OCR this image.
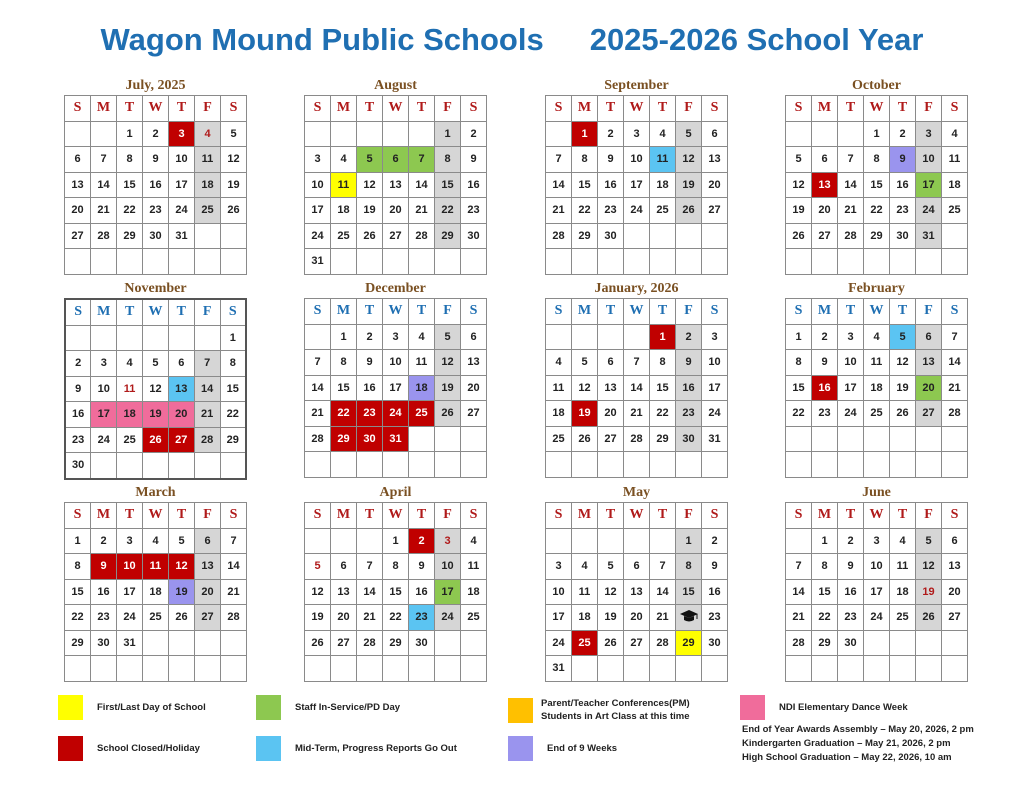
Wagon Mound Public Schools 2025-2026 School Year
July, 2025
S	M	T	W	T	F	S
		1	2	3	4	5
6	7	8	9	10	11	12
13	14	15	16	17	18	19
20	21	22	23	24	25	26
27	28	29	30	31		

August
S	M	T	W	T	F	S
					1	2
3	4	5	6	7	8	9
10	11	12	13	14	15	16
17	18	19	20	21	22	23
24	25	26	27	28	29	30
31						
September
S	M	T	W	T	F	S
	1	2	3	4	5	6
7	8	9	10	11	12	13
14	15	16	17	18	19	20
21	22	23	24	25	26	27
28	29	30				

October
S	M	T	W	T	F	S
			1	2	3	4
5	6	7	8	9	10	11
12	13	14	15	16	17	18
19	20	21	22	23	24	25
26	27	28	29	30	31	

November
S	M	T	W	T	F	S
						1
2	3	4	5	6	7	8
9	10	11	12	13	14	15
16	17	18	19	20	21	22
23	24	25	26	27	28	29
30						
December
S	M	T	W	T	F	S
	1	2	3	4	5	6
7	8	9	10	11	12	13
14	15	16	17	18	19	20
21	22	23	24	25	26	27
28	29	30	31			

January, 2026
S	M	T	W	T	F	S
				1	2	3
4	5	6	7	8	9	10
11	12	13	14	15	16	17
18	19	20	21	22	23	24
25	26	27	28	29	30	31

February
S	M	T	W	T	F	S
1	2	3	4	5	6	7
8	9	10	11	12	13	14
15	16	17	18	19	20	21
22	23	24	25	26	27	28

March
S	M	T	W	T	F	S
1	2	3	4	5	6	7
8	9	10	11	12	13	14
15	16	17	18	19	20	21
22	23	24	25	26	27	28
29	30	31				

April
S	M	T	W	T	F	S
			1	2	3	4
5	6	7	8	9	10	11
12	13	14	15	16	17	18
19	20	21	22	23	24	25
26	27	28	29	30		

May
S	M	T	W	T	F	S
					1	2
3	4	5	6	7	8	9
10	11	12	13	14	15	16
17	18	19	20	21		23
24	25	26	27	28	29	30
31						
June
S	M	T	W	T	F	S
	1	2	3	4	5	6
7	8	9	10	11	12	13
14	15	16	17	18	19	20
21	22	23	24	25	26	27
28	29	30				

First/Last Day of School	Staff In-Service/PD Day	Parent/Teacher Conferences(PM)
Students in Art Class at this time
NDI Elementary Dance Week
School Closed/Holiday	Mid-Term, Progress Reports Go Out	End of 9 Weeks
End of Year Awards Assembly – May 20, 2026, 2 pm
Kindergarten Graduation – May 21, 2026, 2 pm
High School Graduation – May 22, 2026, 10 am
